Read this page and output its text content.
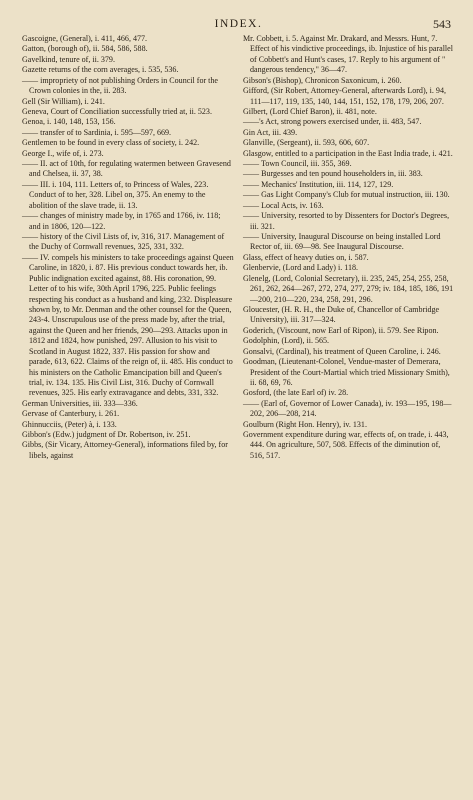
INDEX.	543

Gascoigne, (General), i. 411, 466, 477.

Gatton, (borough of), ii. 584, 586, 588.

Gavelkind, tenure of, ii. 379.

Gazette returns of the corn averages, i. 535, 536.

—— impropriety of not publishing Orders in Council for the Crown colonies in the, ii. 283.

Gell (Sir William), i. 241.

Geneva, Court of Conciliation successfully tried at, ii. 523.

Genoa, i. 140, 148, 153, 156.

—— transfer of to Sardinia, i. 595—597, 669.

Gentlemen to be found in every class of society, i. 242.

George I., wife of, i. 273.

—— II. act of 10th, for regulating watermen between Gravesend and Chelsea, ii. 37, 38.

—— III. i. 104, 111. Letters of, to Princess of Wales, 223. Conduct of to her, 328. Libel on, 375. An enemy to the abolition of the slave trade, ii. 13.

—— changes of ministry made by, in 1765 and 1766, iv. 118; and in 1806, 120—122.

—— history of the Civil Lists of, iv, 316, 317. Management of the Duchy of Cornwall revenues, 325, 331, 332.

—— IV. compels his ministers to take proceedings against Queen Caroline, in 1820, i. 87. His previous conduct towards her, ib. Public indignation excited against, 88. His coronation, 99. Letter of to his wife, 30th April 1796, 225. Public feelings respecting his conduct as a husband and king, 232. Displeasure shown by, to Mr. Denman and the other counsel for the Queen, 243-4. Unscrupulous use of the press made by, after the trial, against the Queen and her friends, 290—293. Attacks upon in 1812 and 1824, how punished, 297. Allusion to his visit to Scotland in August 1822, 337. His passion for show and parade, 613, 622. Claims of the reign of, ii. 485. His conduct to his ministers on the Catholic Emancipation bill and Queen's trial, iv. 134. 135. His Civil List, 316. Duchy of Cornwall revenues, 325. His early extravagance and debts, 331, 332.

German Universities, iii. 333—336.

Gervase of Canterbury, i. 261.

Ghinnucciis, (Peter) à, i. 133.

Gibbon's (Edw.) judgment of Dr. Robertson, iv. 251.

Gibbs, (Sir Vicary, Attorney-General), informations filed by, for libels, against

Mr. Cobbett, i. 5. Against Mr. Drakard, and Messrs. Hunt, 7. Effect of his vindictive proceedings, ib. Injustice of his parallel of Cobbett's and Hunt's cases, 17. Reply to his argument of " dangerous tendency," 36—47.

Gibson's (Bishop), Chronicon Saxonicum, i. 260.

Gifford, (Sir Robert, Attorney-General, afterwards Lord), i. 94, 111—117, 119, 135, 140, 144, 151, 152, 178, 179, 206, 207.

Gilbert, (Lord Chief Baron), ii. 481, note.

——'s Act, strong powers exercised under, ii. 483, 547.

Gin Act, iii. 439.

Glanville, (Sergeant), ii. 593, 606, 607.

Glasgow, entitled to a participation in the East India trade, i. 421.

—— Town Council, iii. 355, 369.

—— Burgesses and ten pound householders in, iii. 383.

—— Mechanics' Institution, iii. 114, 127, 129.

—— Gas Light Company's Club for mutual instruction, iii. 130.

—— Local Acts, iv. 163.

—— University, resorted to by Dissenters for Doctor's Degrees, iii. 321.

—— University, Inaugural Discourse on being installed Lord Rector of, iii. 69—98. See Inaugural Discourse.

Glass, effect of heavy duties on, i. 587.

Glenbervie, (Lord and Lady) i. 118.

Glenelg, (Lord, Colonial Secretary), ii. 235, 245, 254, 255, 258, 261, 262, 264—267, 272, 274, 277, 279; iv. 184, 185, 186, 191—200, 210—220, 234, 258, 291, 296.

Gloucester, (H. R. H., the Duke of, Chancellor of Cambridge University), iii. 317—324.

Goderich, (Viscount, now Earl of Ripon), ii. 579. See Ripon.

Godolphin, (Lord), ii. 565.

Gonsalvi, (Cardinal), his treatment of Queen Caroline, i. 246.

Goodman, (Lieutenant-Colonel, Vendue-master of Demerara, President of the Court-Martial which tried Missionary Smith), ii. 68, 69, 76.

Gosford, (the late Earl of) iv. 28.

—— (Earl of, Governor of Lower Canada), iv. 193—195, 198—202, 206—208, 214.

Goulburn (Right Hon. Henry), iv. 131.

Government expenditure during war, effects of, on trade, i. 443, 444. On agriculture, 507, 508. Effects of the diminution of, 516, 517.
